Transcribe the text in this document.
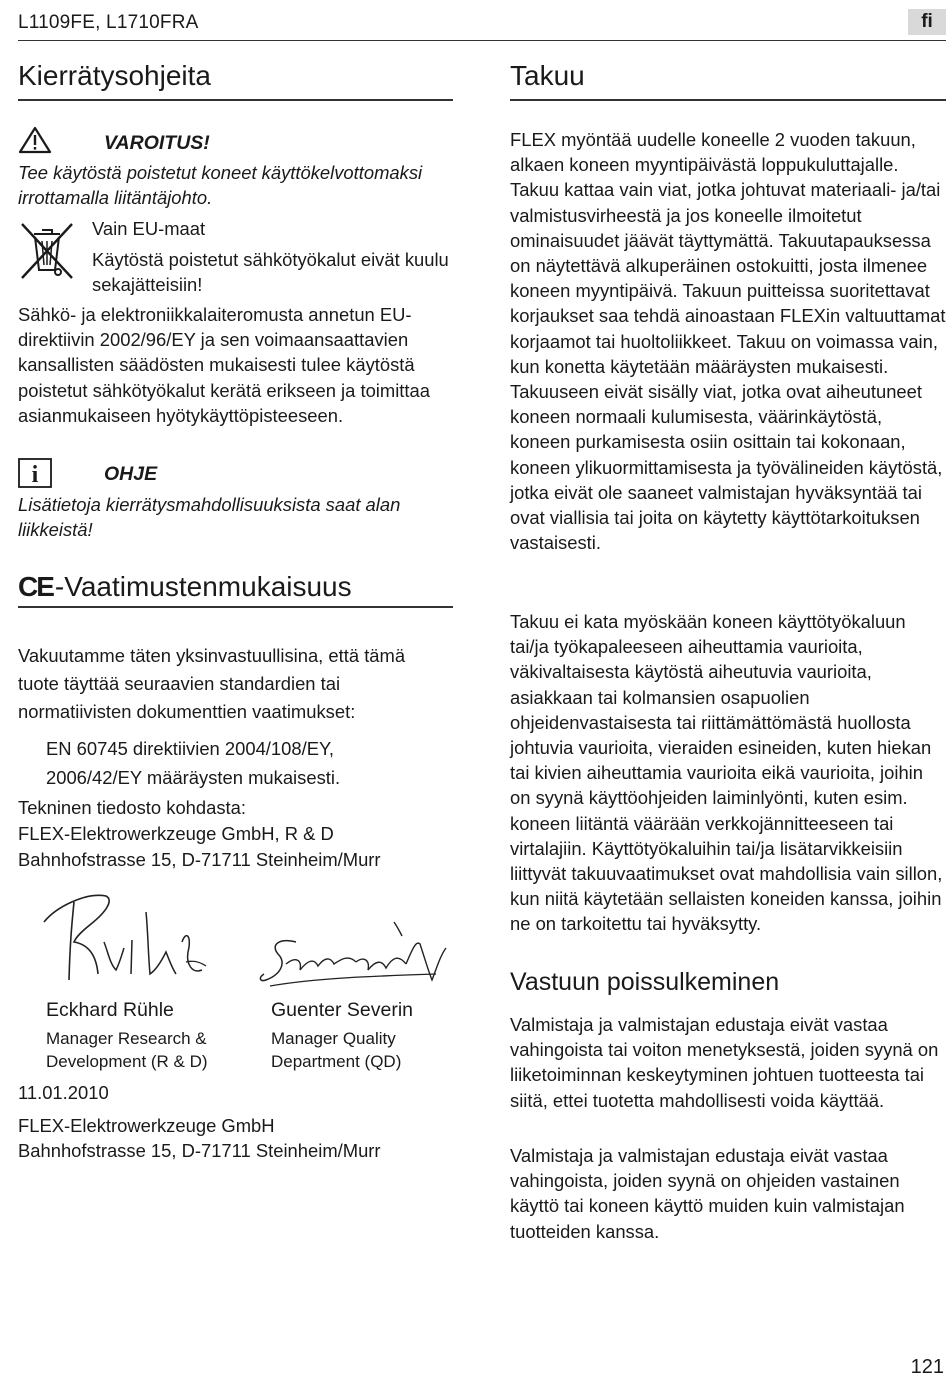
L1109FE, L1710FRA	fi
Kierrätysohjeita
VAROITUS!
Tee käytöstä poistetut koneet käyttökelvottomaksi irrottamalla liitäntäjohto.
Vain EU-maat
Käytöstä poistetut sähkötyökalut eivät kuulu sekajätteisiin!
Sähkö- ja elektroniikkalaiteromusta annetun EU-direktiivin 2002/96/EY ja sen voimaansaattavien kansallisten säädösten mukaisesti tulee käytöstä poistetut sähkötyökalut kerätä erikseen ja toimittaa asianmukaiseen hyötykäyttöpisteeseen.
i	OHJE
Lisätietoja kierrätysmahdollisuuksista saat alan liikkeistä!
CE -Vaatimustenmukaisuus
Vakuutamme täten yksinvastuullisina, että tämä tuote täyttää seuraavien standardien tai normatiivisten dokumenttien vaatimukset:
EN 60745 direktiivien 2004/108/EY, 2006/42/EY määräysten mukaisesti.
Tekninen tiedosto kohdasta:
FLEX-Elektrowerkzeuge GmbH, R & D
Bahnhofstrasse 15, D-71711 Steinheim/Murr
Eckhard Rühle
Manager Research &
Development (R & D)
Guenter Severin
Manager Quality
Department (QD)
11.01.2010
FLEX-Elektrowerkzeuge GmbH
Bahnhofstrasse 15, D-71711 Steinheim/Murr
Takuu
FLEX myöntää uudelle koneelle 2 vuoden takuun, alkaen koneen myyntipäivästä loppukuluttajalle. Takuu kattaa vain viat, jotka johtuvat materiaali- ja/tai valmistusvirheestä ja jos koneelle ilmoitetut ominaisuudet jäävät täyttymättä. Takuutapauksessa on näytettävä alkuperäinen ostokuitti, josta ilmenee koneen myyntipäivä. Takuun puitteissa suoritettavat korjaukset saa tehdä ainoastaan FLEXin valtuuttamat korjaamot tai huoltoliikkeet. Takuu on voimassa vain, kun konetta käytetään määräysten mukaisesti. Takuuseen eivät sisälly viat, jotka ovat aiheutuneet koneen normaali kulumisesta, väärinkäytöstä, koneen purkamisesta osiin osittain tai kokonaan, koneen ylikuormittamisesta ja työvälineiden käytöstä, jotka eivät ole saaneet valmistajan hyväksyntää tai ovat viallisia tai joita on käytetty käyttötarkoituksen vastaisesti.
Takuu ei kata myöskään koneen käyttötyökaluun tai/ja työkapaleeseen aiheuttamia vaurioita, väkivaltaisesta käytöstä aiheutuvia vaurioita, asiakkaan tai kolmansien osapuolien ohjeidenvastaisesta tai riittämättömästä huollosta johtuvia vaurioita, vieraiden esineiden, kuten hiekan tai kivien aiheuttamia vaurioita eikä vaurioita, joihin on syynä käyttöohjeiden laiminlyönti, kuten esim. koneen liitäntä väärään verkkojännitteeseen tai virtalajiin. Käyttötyökaluihin tai/ja lisätarvikkeisiin liittyvät takuuvaatimukset ovat mahdollisia vain sillon, kun niitä käytetään sellaisten koneiden kanssa, joihin ne on tarkoitettu tai hyväksytty.
Vastuun poissulkeminen
Valmistaja ja valmistajan edustaja eivät vastaa vahingoista tai voiton menetyksestä, joiden syynä on liiketoiminnan keskeytyminen johtuen tuotteesta tai siitä, ettei tuotetta mahdollisesti voida käyttää.
Valmistaja ja valmistajan edustaja eivät vastaa vahingoista, joiden syynä on ohjeiden vastainen käyttö tai koneen käyttö muiden kuin valmistajan tuotteiden kanssa.
121
